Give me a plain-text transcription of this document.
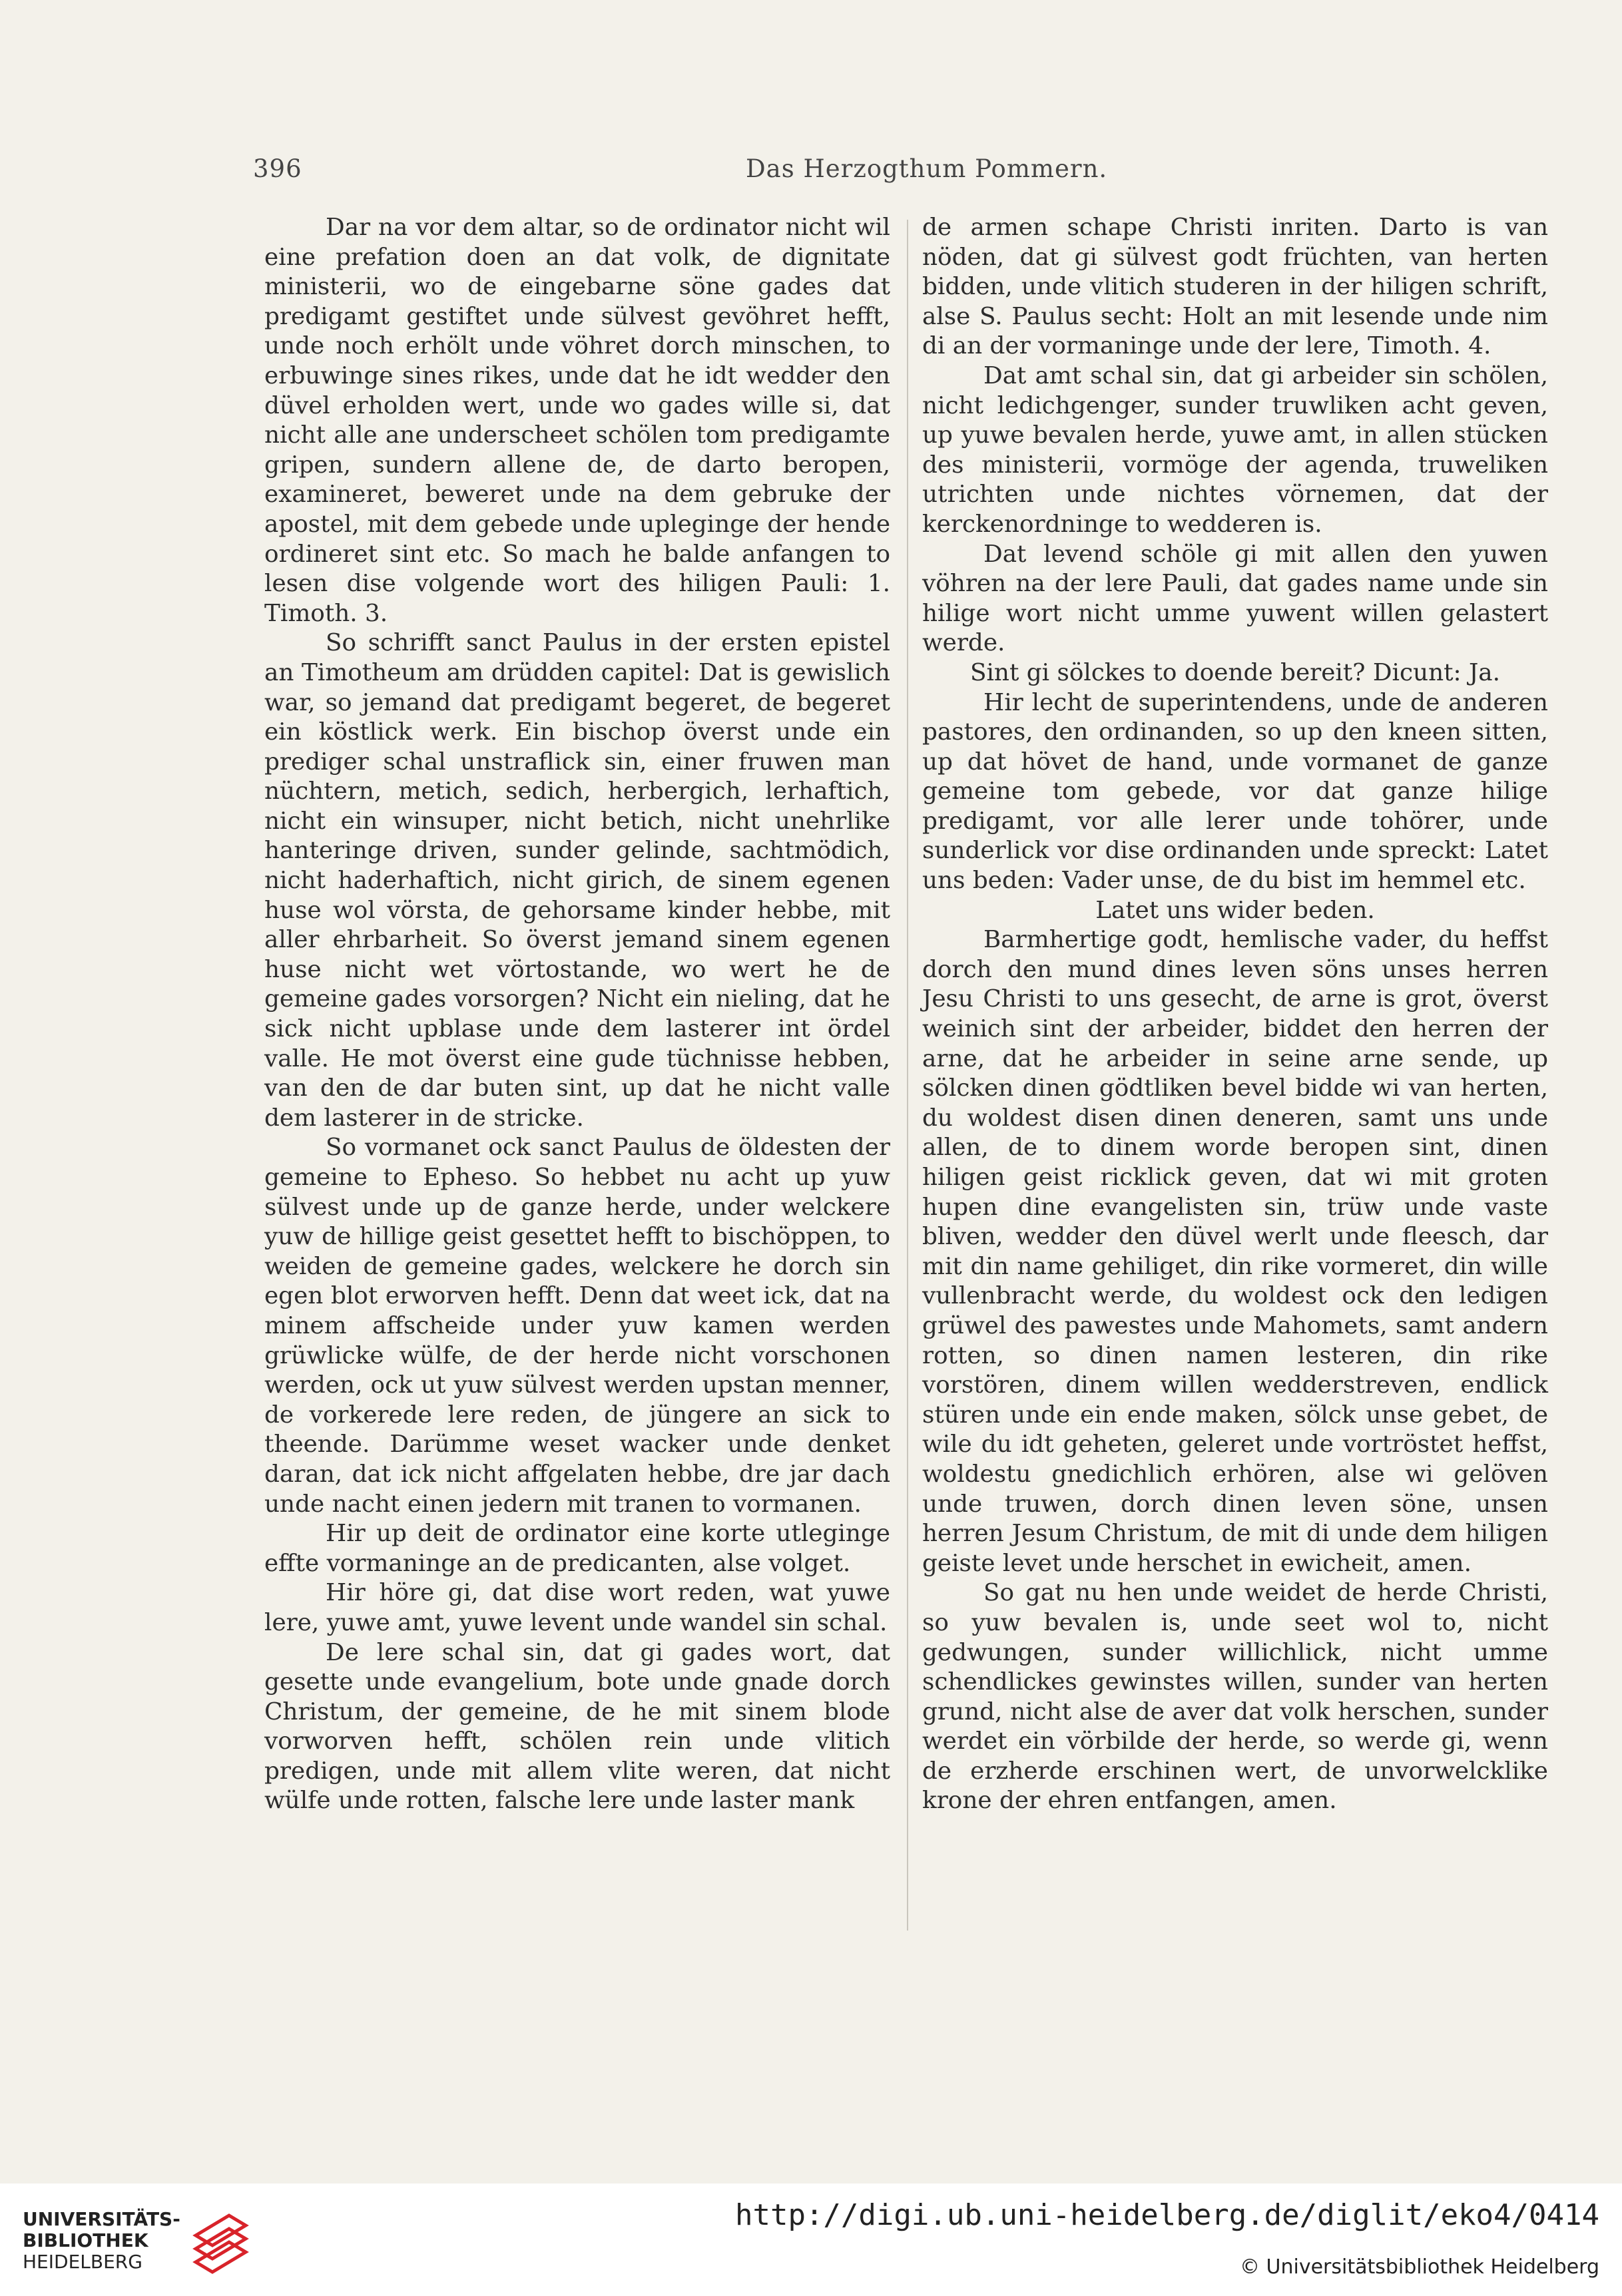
396	Das Herzogthum Pommern.

Dar na vor dem altar, so de ordinator nicht wil eine prefation doen an dat volk, de dignitate ministerii, wo de eingebarne söne gades dat predigamt gestiftet unde sülvest gevöhret hefft, unde noch erhölt unde vöhret dorch minschen, to erbuwinge sines rikes, unde dat he idt wedder den düvel erholden wert, unde wo gades wille si, dat nicht alle ane underscheet schölen tom predigamte gripen, sundern allene de, de darto beropen, examineret, beweret unde na dem gebruke der apostel, mit dem gebede unde upleginge der hende ordineret sint etc. So mach he balde anfangen to lesen dise volgende wort des hiligen Pauli: 1. Timoth. 3.

So schrifft sanct Paulus in der ersten epistel an Timotheum am drüdden capitel: Dat is gewislich war, so jemand dat predigamt begeret, de begeret ein köstlick werk. Ein bischop överst unde ein prediger schal unstraflick sin, einer fruwen man nüchtern, metich, sedich, herbergich, lerhaftich, nicht ein winsuper, nicht betich, nicht unehrlike hanteringe driven, sunder gelinde, sachtmödich, nicht haderhaftich, nicht girich, de sinem egenen huse wol vörsta, de gehorsame kinder hebbe, mit aller ehrbarheit. So överst jemand sinem egenen huse nicht wet vörtostande, wo wert he de gemeine gades vorsorgen? Nicht ein nieling, dat he sick nicht upblase unde dem lasterer int ördel valle. He mot överst eine gude tüchnisse hebben, van den de dar buten sint, up dat he nicht valle dem lasterer in de stricke.

So vormanet ock sanct Paulus de öldesten der gemeine to Epheso. So hebbet nu acht up yuw sülvest unde up de ganze herde, under welckere yuw de hillige geist gesettet hefft to bischöppen, to weiden de gemeine gades, welckere he dorch sin egen blot erworven hefft. Denn dat weet ick, dat na minem affscheide under yuw kamen werden grüwlicke wülfe, de der herde nicht vorschonen werden, ock ut yuw sülvest werden upstan menner, de vorkerede lere reden, de jüngere an sick to theende. Darümme weset wacker unde denket daran, dat ick nicht affgelaten hebbe, dre jar dach unde nacht einen jedern mit tranen to vormanen.

Hir up deit de ordinator eine korte utleginge effte vormaninge an de predicanten, alse volget.

Hir höre gi, dat dise wort reden, wat yuwe lere, yuwe amt, yuwe levent unde wandel sin schal.

De lere schal sin, dat gi gades wort, dat gesette unde evangelium, bote unde gnade dorch Christum, der gemeine, de he mit sinem blode vorworven hefft, schölen rein unde vlitich predigen, unde mit allem vlite weren, dat nicht wülfe unde rotten, falsche lere unde laster mank

de armen schape Christi inriten. Darto is van nöden, dat gi sülvest godt früchten, van herten bidden, unde vlitich studeren in der hiligen schrift, alse S. Paulus secht: Holt an mit lesende unde nim di an der vormaninge unde der lere, Timoth. 4.

Dat amt schal sin, dat gi arbeider sin schölen, nicht ledichgenger, sunder truwliken acht geven, up yuwe bevalen herde, yuwe amt, in allen stücken des ministerii, vormöge der agenda, truweliken utrichten unde nichtes vörnemen, dat der kerckenordninge to wedderen is.

Dat levend schöle gi mit allen den yuwen vöhren na der lere Pauli, dat gades name unde sin hilige wort nicht umme yuwent willen gelastert werde.

Sint gi sölckes to doende bereit? Dicunt: Ja.

Hir lecht de superintendens, unde de anderen pastores, den ordinanden, so up den kneen sitten, up dat hövet de hand, unde vormanet de ganze gemeine tom gebede, vor dat ganze hilige predigamt, vor alle lerer unde tohörer, unde sunderlick vor dise ordinanden unde spreckt: Latet uns beden: Vader unse, de du bist im hemmel etc.

Latet uns wider beden.

Barmhertige godt, hemlische vader, du heffst dorch den mund dines leven söns unses herren Jesu Christi to uns gesecht, de arne is grot, överst weinich sint der arbeider, biddet den herren der arne, dat he arbeider in seine arne sende, up sölcken dinen gödtliken bevel bidde wi van herten, du woldest disen dinen deneren, samt uns unde allen, de to dinem worde beropen sint, dinen hiligen geist ricklick geven, dat wi mit groten hupen dine evangelisten sin, trüw unde vaste bliven, wedder den düvel werlt unde fleesch, dar mit din name gehiliget, din rike vormeret, din wille vullenbracht werde, du woldest ock den ledigen grüwel des pawestes unde Mahomets, samt andern rotten, so dinen namen lesteren, din rike vorstören, dinem willen wedderstreven, endlick stüren unde ein ende maken, sölck unse gebet, de wile du idt geheten, geleret unde vortröstet heffst, woldestu gnedichlich erhören, alse wi gelöven unde truwen, dorch dinen leven söne, unsen herren Jesum Christum, de mit di unde dem hiligen geiste levet unde herschet in ewicheit, amen.

So gat nu hen unde weidet de herde Christi, so yuw bevalen is, unde seet wol to, nicht gedwungen, sunder willichlick, nicht umme schendlickes gewinstes willen, sunder van herten grund, nicht alse de aver dat volk herschen, sunder werdet ein vörbilde der herde, so werde gi, wenn de erzherde erschinen wert, de unvorwelcklike krone der ehren entfangen, amen.

UNIVERSITÄTS-
BIBLIOTHEK
HEIDELBERG
http://digi.ub.uni-heidelberg.de/diglit/eko4/0414
© Universitätsbibliothek Heidelberg
